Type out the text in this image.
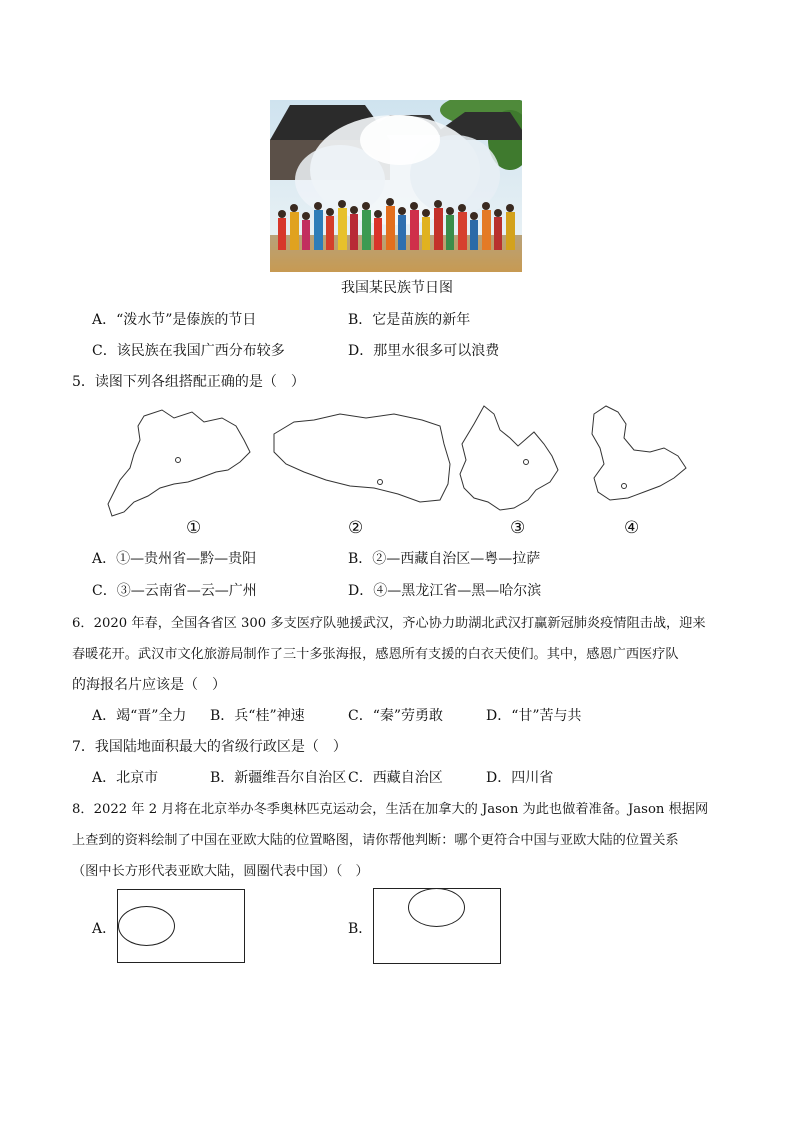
我国某民族节日图
A．“泼水节”是傣族的节日	B．它是苗族的新年
C．该民族在我国广西分布较多	D．那里水很多可以浪费
5．读图下列各组搭配正确的是（　）
①	②	③	④
A．①—贵州省—黔—贵阳	B．②—西藏自治区—粤—拉萨
C．③—云南省—云—广州	D．④—黑龙江省—黑—哈尔滨
6．2020 年春，全国各省区 300 多支医疗队驰援武汉，齐心协力助湖北武汉打赢新冠肺炎疫情阻击战，迎来
春暖花开。武汉市文化旅游局制作了三十多张海报，感恩所有支援的白衣天使们。其中，感恩广西医疗队
的海报名片应该是（　）
A．竭“晋”全力 B．兵“桂”神速	C．“秦”劳勇敢	D．“甘”苦与共
7．我国陆地面积最大的省级行政区是（　）
A．北京市	B．新疆维吾尔自治区 C．西藏自治区	D．四川省
8．2022 年 2 月将在北京举办冬季奥林匹克运动会，生活在加拿大的 Jason 为此也做着准备。Jason 根据网
上查到的资料绘制了中国在亚欧大陆的位置略图，请你帮他判断：哪个更符合中国与亚欧大陆的位置关系
（图中长方形代表亚欧大陆，圆圈代表中国）（　）
A．	B．
